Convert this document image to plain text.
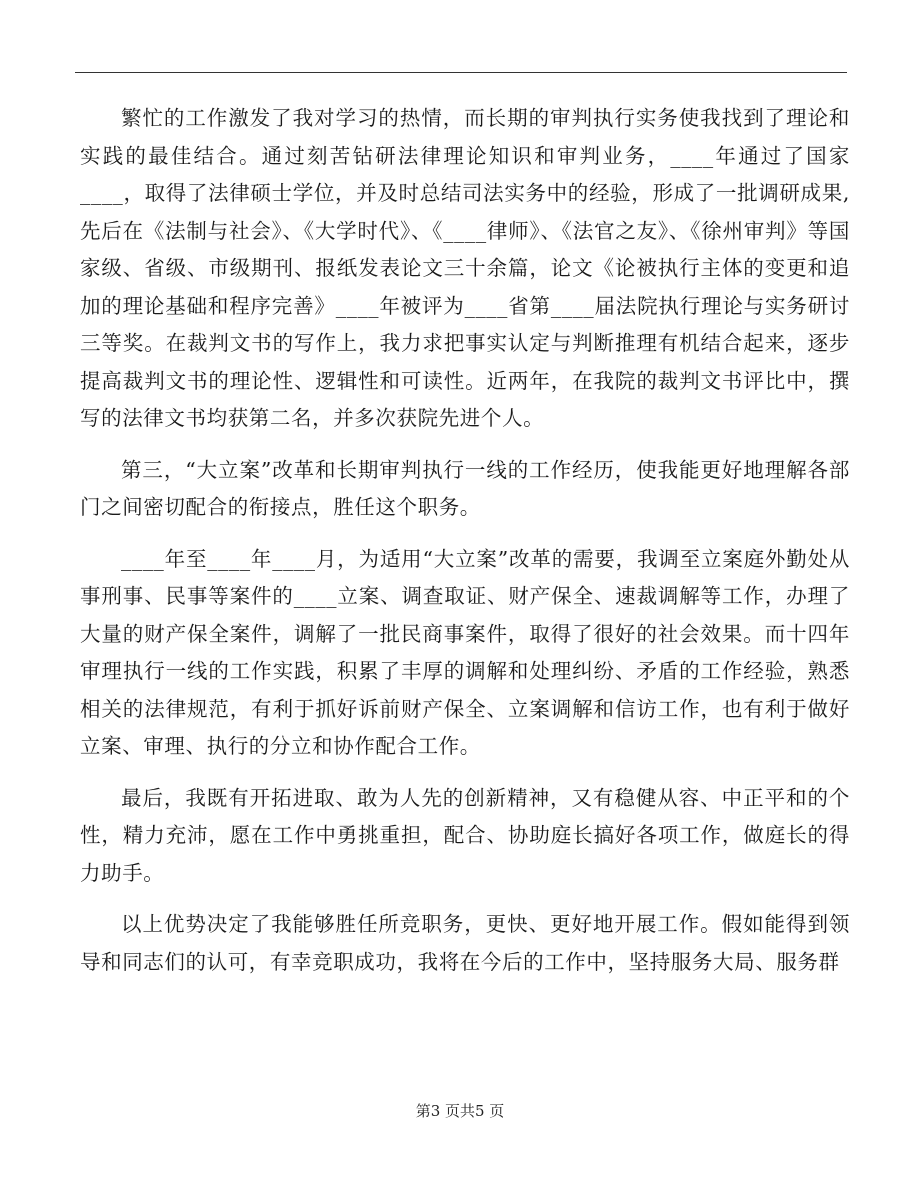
繁忙的工作激发了我对学习的热情，而长期的审判执行实务使我找到了理论和实践的最佳结合。通过刻苦钻研法律理论知识和审判业务，____年通过了国家____，取得了法律硕士学位，并及时总结司法实务中的经验，形成了一批调研成果,先后在《法制与社会》、《大学时代》、《____律师》、《法官之友》、《徐州审判》等国家级、省级、市级期刊、报纸发表论文三十余篇，论文《论被执行主体的变更和追加的理论基础和程序完善》____年被评为____省第____届法院执行理论与实务研讨三等奖。在裁判文书的写作上，我力求把事实认定与判断推理有机结合起来，逐步提高裁判文书的理论性、逻辑性和可读性。近两年，在我院的裁判文书评比中，撰写的法律文书均获第二名，并多次获院先进个人。

第三，“大立案”改革和长期审判执行一线的工作经历，使我能更好地理解各部门之间密切配合的衔接点，胜任这个职务。

____年至____年____月，为适用“大立案”改革的需要，我调至立案庭外勤处从事刑事、民事等案件的____立案、调查取证、财产保全、速裁调解等工作，办理了大量的财产保全案件，调解了一批民商事案件，取得了很好的社会效果。而十四年审理执行一线的工作实践，积累了丰厚的调解和处理纠纷、矛盾的工作经验，熟悉相关的法律规范，有利于抓好诉前财产保全、立案调解和信访工作，也有利于做好立案、审理、执行的分立和协作配合工作。

最后，我既有开拓进取、敢为人先的创新精神，又有稳健从容、中正平和的个性，精力充沛，愿在工作中勇挑重担，配合、协助庭长搞好各项工作，做庭长的得力助手。

以上优势决定了我能够胜任所竞职务，更快、更好地开展工作。假如能得到领导和同志们的认可，有幸竞职成功，我将在今后的工作中，坚持服务大局、服务群

第3 页共5 页
